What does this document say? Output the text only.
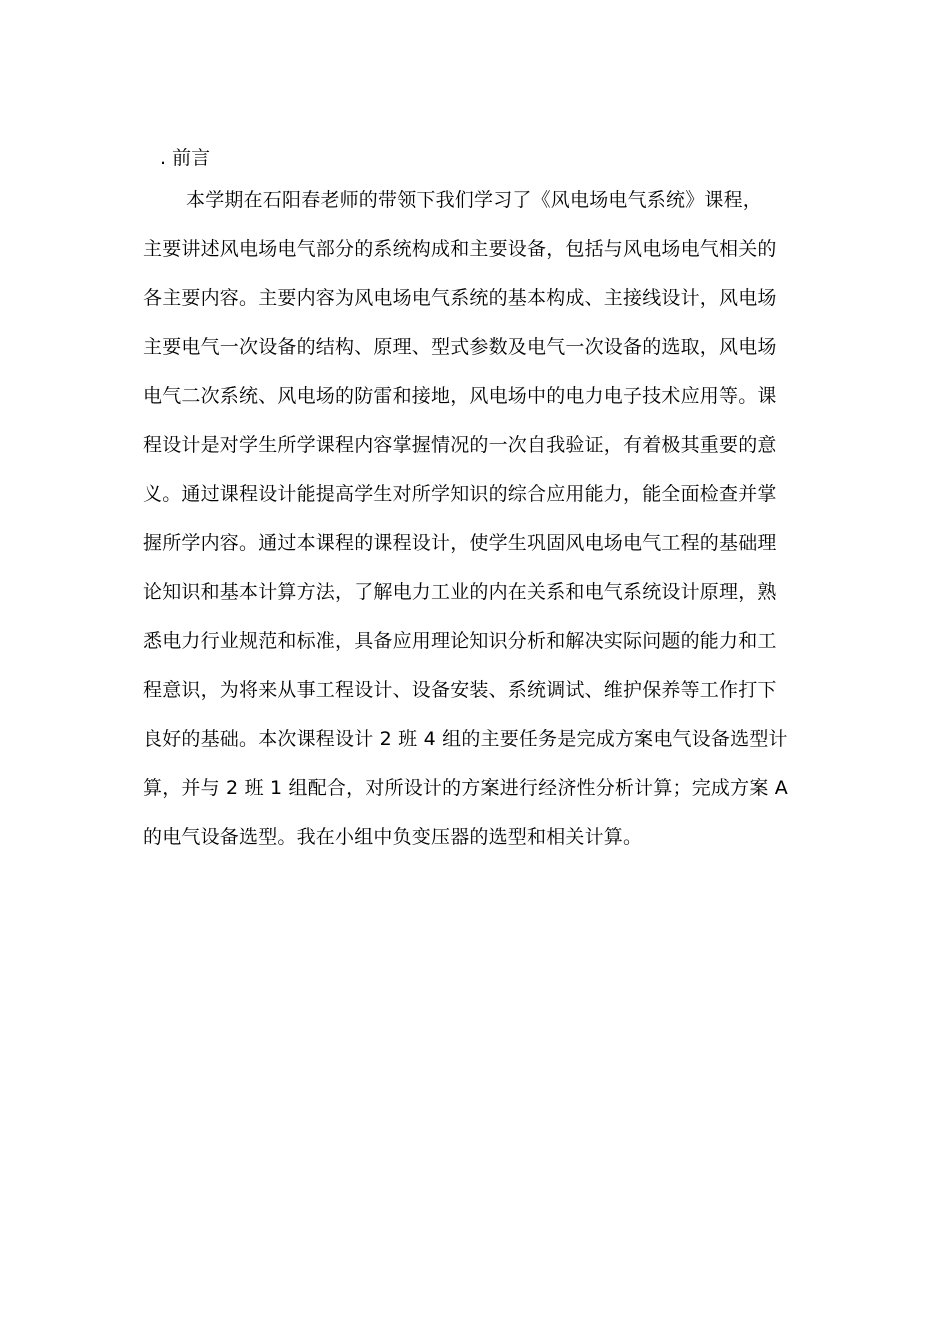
. 前言
本学期在石阳春老师的带领下我们学习了《风电场电气系统》课程，
主要讲述风电场电气部分的系统构成和主要设备，包括与风电场电气相关的
各主要内容。主要内容为风电场电气系统的基本构成、主接线设计，风电场
主要电气一次设备的结构、原理、型式参数及电气一次设备的选取，风电场
电气二次系统、风电场的防雷和接地，风电场中的电力电子技术应用等。课
程设计是对学生所学课程内容掌握情况的一次自我验证，有着极其重要的意
义。通过课程设计能提高学生对所学知识的综合应用能力，能全面检查并掌
握所学内容。通过本课程的课程设计，使学生巩固风电场电气工程的基础理
论知识和基本计算方法，了解电力工业的内在关系和电气系统设计原理，熟
悉电力行业规范和标准，具备应用理论知识分析和解决实际问题的能力和工
程意识，为将来从事工程设计、设备安装、系统调试、维护保养等工作打下
良好的基础。本次课程设计 2 班 4 组的主要任务是完成方案电气设备选型计
算，并与 2 班 1 组配合，对所设计的方案进行经济性分析计算；完成方案 A
的电气设备选型。我在小组中负变压器的选型和相关计算。
